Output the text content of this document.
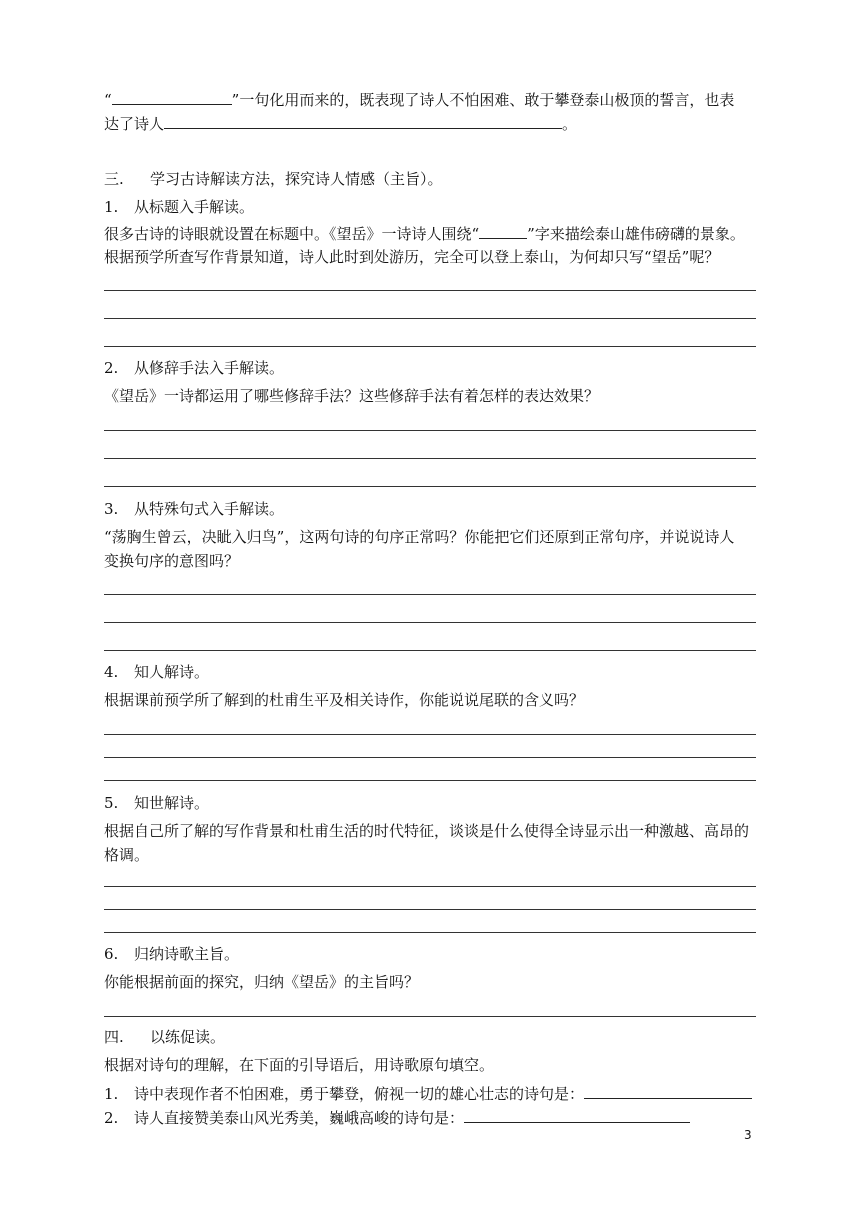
“	”一句化用而来的，既表现了诗人不怕困难、敢于攀登泰山极顶的誓言，也表
达了诗人	。
三. 学习古诗解读方法，探究诗人情感（主旨）。
1. 从标题入手解读。
很多古诗的诗眼就设置在标题中。《望岳》一诗诗人围绕“	”字来描绘泰山雄伟磅礴的景象。
根据预学所查写作背景知道，诗人此时到处游历，完全可以登上泰山，为何却只写“望岳”呢？
2. 从修辞手法入手解读。
《望岳》一诗都运用了哪些修辞手法？这些修辞手法有着怎样的表达效果？
3. 从特殊句式入手解读。
“荡胸生曾云，决眦入归鸟”，这两句诗的句序正常吗？你能把它们还原到正常句序，并说说诗人
变换句序的意图吗？
4. 知人解诗。
根据课前预学所了解到的杜甫生平及相关诗作，你能说说尾联的含义吗？
5. 知世解诗。
根据自己所了解的写作背景和杜甫生活的时代特征，谈谈是什么使得全诗显示出一种激越、高昂的
格调。
6. 归纳诗歌主旨。
你能根据前面的探究，归纳《望岳》的主旨吗？
四. 以练促读。
根据对诗句的理解，在下面的引导语后，用诗歌原句填空。
1. 诗中表现作者不怕困难，勇于攀登，俯视一切的雄心壮志的诗句是：
2. 诗人直接赞美泰山风光秀美，巍峨高峻的诗句是：
3
